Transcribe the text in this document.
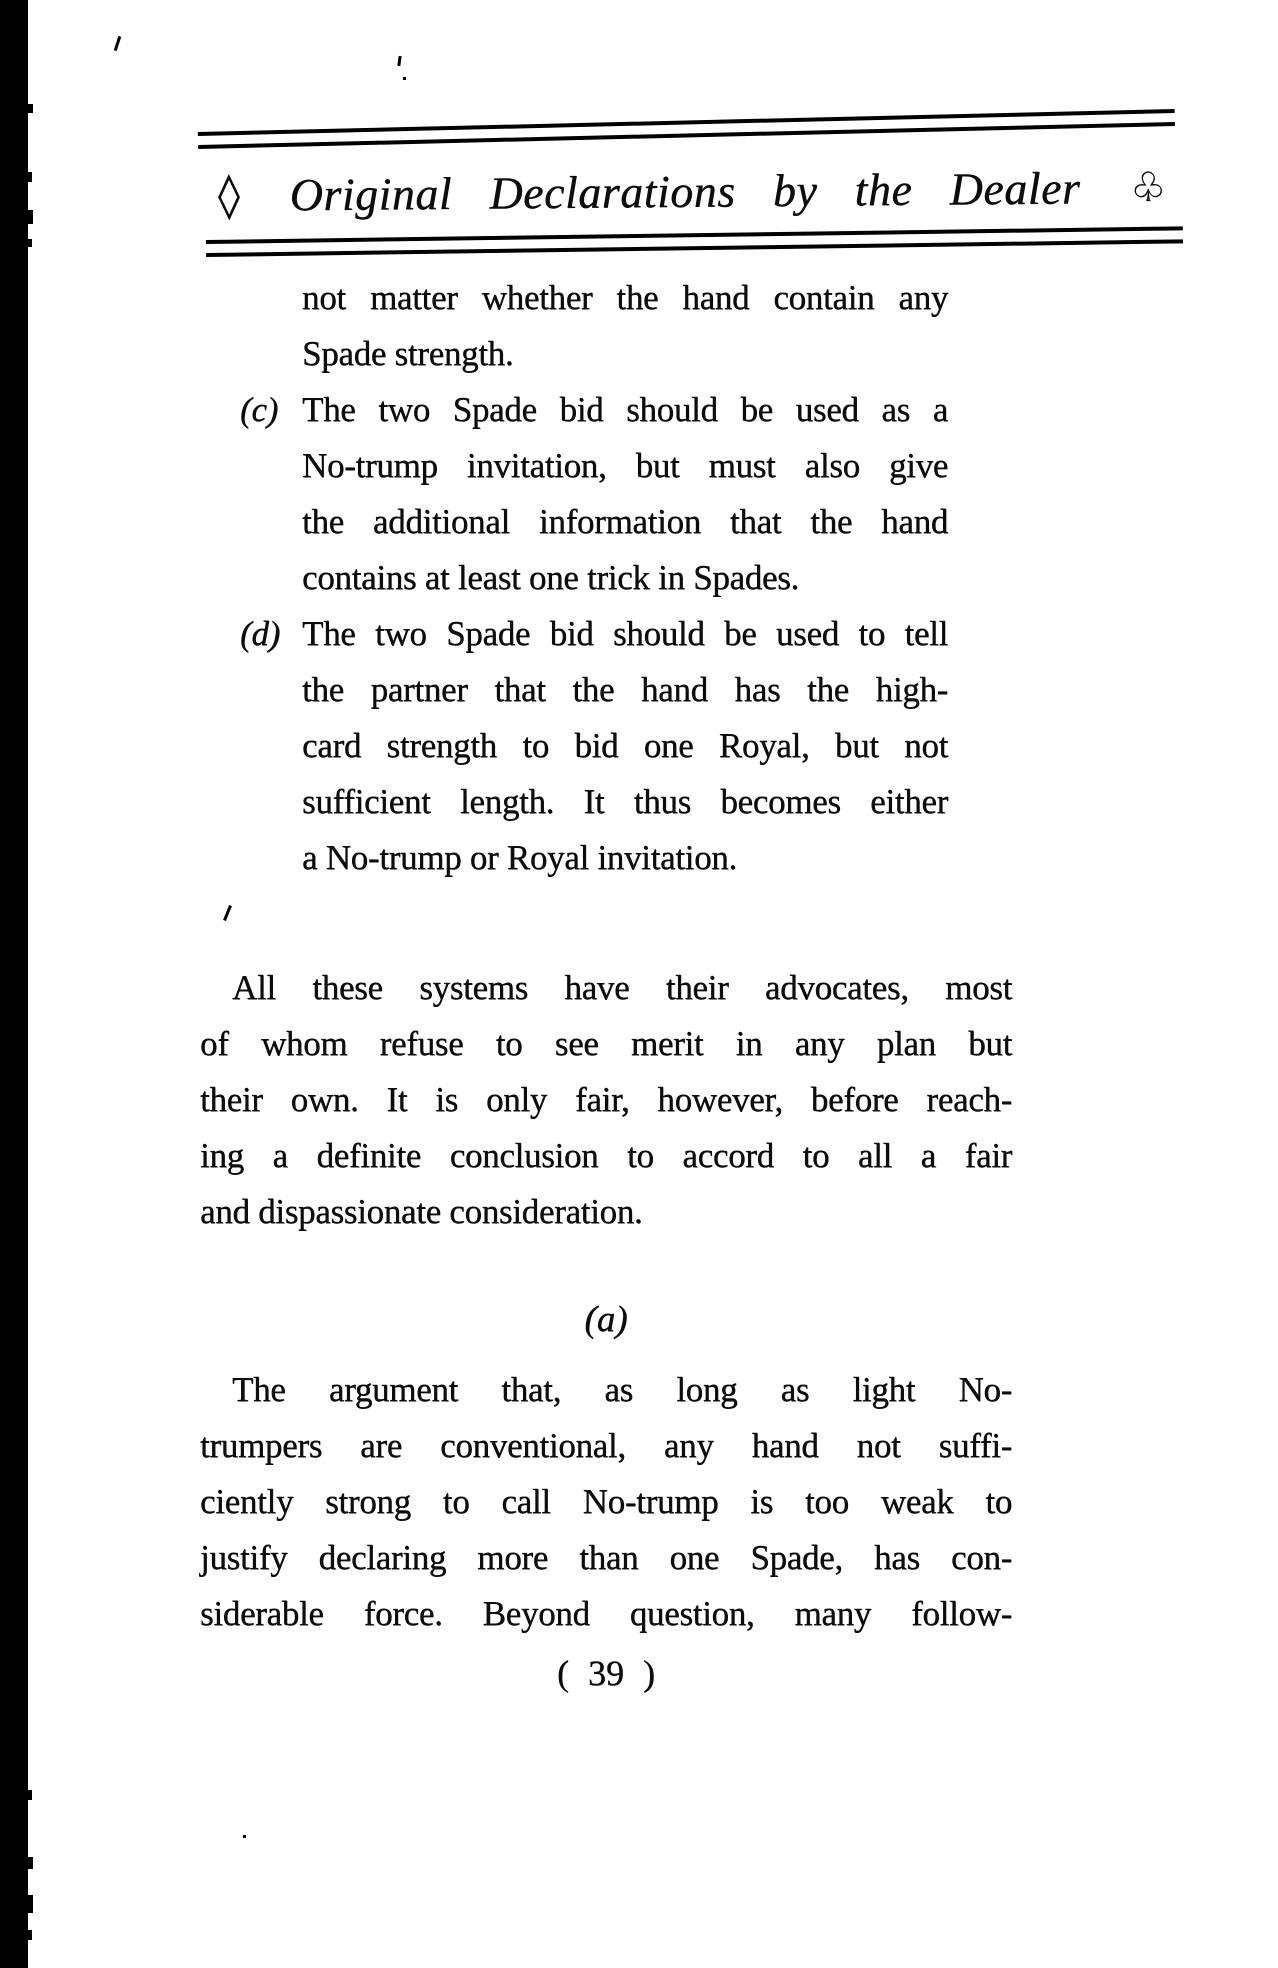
◊	Original Declarations by the Dealer	♧
not matter whether the hand contain any
Spade strength.
(c) The two Spade bid should be used as a
No-trump invitation, but must also give
the additional information that the hand
contains at least one trick in Spades.
(d) The two Spade bid should be used to tell
the partner that the hand has the high-
card strength to bid one Royal, but not
sufficient length. It thus becomes either
a No-trump or Royal invitation.
All these systems have their advocates, most
of whom refuse to see merit in any plan but
their own. It is only fair, however, before reach-
ing a definite conclusion to accord to all a fair
and dispassionate consideration.
(a)
The argument that, as long as light No-
trumpers are conventional, any hand not suffi-
ciently strong to call No-trump is too weak to
justify declaring more than one Spade, has con-
siderable force. Beyond question, many follow-
( 39 )
